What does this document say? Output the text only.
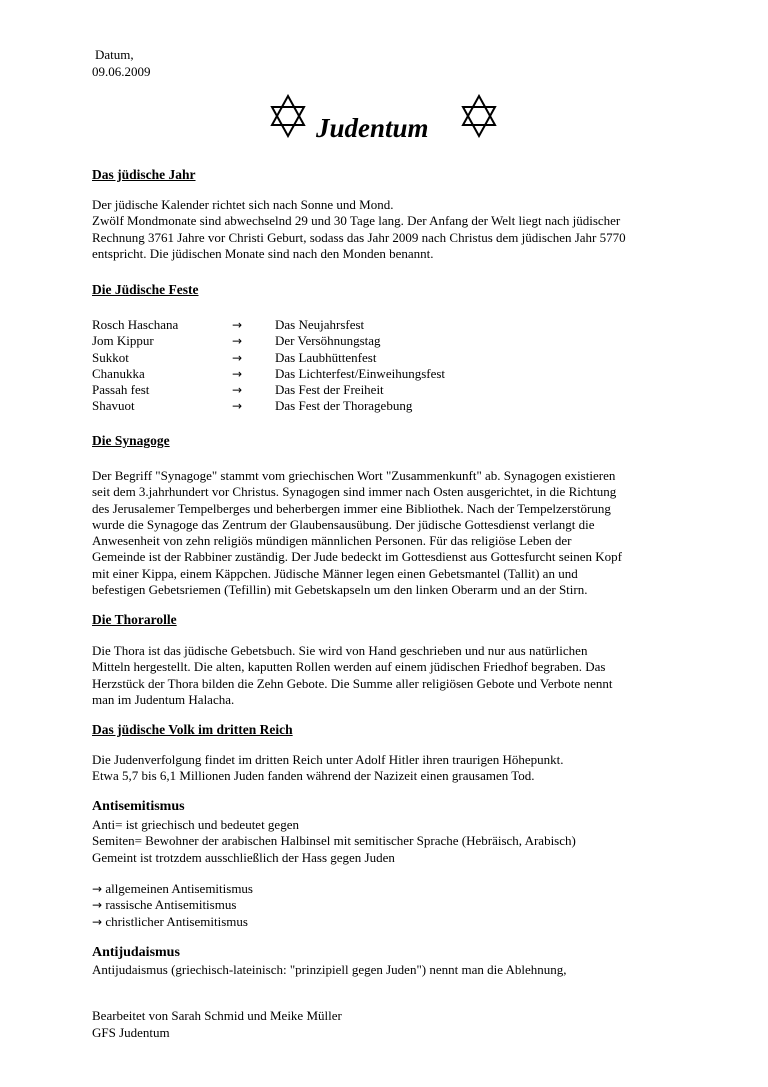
Datum,
09.06.2009
Judentum
Das jüdische Jahr
Der jüdische Kalender richtet sich nach Sonne und Mond.
Zwölf Mondmonate sind abwechselnd 29 und 30 Tage lang. Der Anfang der Welt liegt nach jüdischer
Rechnung 3761 Jahre vor Christi Geburt, sodass das Jahr 2009 nach Christus dem jüdischen Jahr 5770
entspricht. Die jüdischen Monate sind nach den Monden benannt.
Die Jüdische Feste
Rosch Haschana	→	Das Neujahrsfest
Jom Kippur	→	Der Versöhnungstag
Sukkot	→	Das Laubhüttenfest
Chanukka	→	Das Lichterfest/Einweihungsfest
Passah fest	→	Das Fest der Freiheit
Shavuot	→	Das Fest der Thoragebung
Die Synagoge
Der Begriff "Synagoge" stammt vom griechischen Wort "Zusammenkunft" ab. Synagogen existieren
seit dem 3.jahrhundert vor Christus. Synagogen sind immer nach Osten ausgerichtet, in die Richtung
des Jerusalemer Tempelberges und beherbergen immer eine Bibliothek. Nach der Tempelzerstörung
wurde die Synagoge das Zentrum der Glaubensausübung. Der jüdische Gottesdienst verlangt die
Anwesenheit von zehn religiös mündigen männlichen Personen. Für das religiöse Leben der
Gemeinde ist der Rabbiner zuständig. Der Jude bedeckt im Gottesdienst aus Gottesfurcht seinen Kopf
mit einer Kippa, einem Käppchen. Jüdische Männer legen einen Gebetsmantel (Tallit) an und
befestigen Gebetsriemen (Tefillin) mit Gebetskapseln um den linken Oberarm und an der Stirn.
Die Thorarolle
Die Thora ist das jüdische Gebetsbuch. Sie wird von Hand geschrieben und nur aus natürlichen
Mitteln hergestellt. Die alten, kaputten Rollen werden auf einem jüdischen Friedhof begraben. Das
Herzstück der Thora bilden die Zehn Gebote. Die Summe aller religiösen Gebote und Verbote nennt
man im Judentum Halacha.
Das jüdische Volk im dritten Reich
Die Judenverfolgung findet im dritten Reich unter Adolf Hitler ihren traurigen Höhepunkt.
Etwa 5,7 bis 6,1 Millionen Juden fanden während der Nazizeit einen grausamen Tod.
Antisemitismus
Anti= ist griechisch und bedeutet gegen
Semiten= Bewohner der arabischen Halbinsel mit semitischer Sprache (Hebräisch, Arabisch)
Gemeint ist trotzdem ausschließlich der Hass gegen Juden
→ allgemeinen Antisemitismus
→ rassische Antisemitismus
→ christlicher Antisemitismus
Antijudaismus
Antijudaismus (griechisch-lateinisch: "prinzipiell gegen Juden") nennt man die Ablehnung,
Bearbeitet von Sarah Schmid und Meike Müller
GFS Judentum
